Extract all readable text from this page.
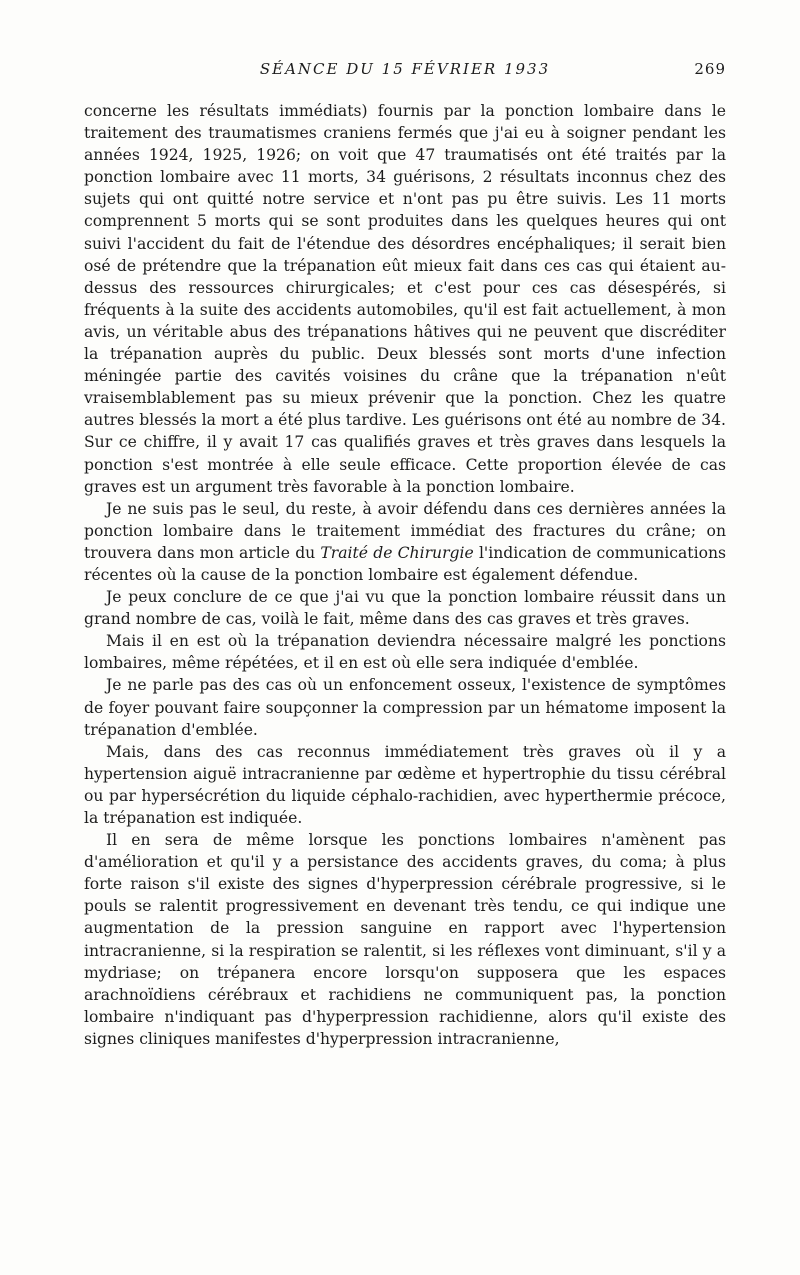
SÉANCE DU 15 FÉVRIER 1933	269

concerne les résultats immédiats) fournis par la ponction lombaire dans le traitement des traumatismes craniens fermés que j'ai eu à soigner pendant les années 1924, 1925, 1926; on voit que 47 traumatisés ont été traités par la ponction lombaire avec 11 morts, 34 guérisons, 2 résultats inconnus chez des sujets qui ont quitté notre service et n'ont pas pu être suivis. Les 11 morts comprennent 5 morts qui se sont produites dans les quelques heures qui ont suivi l'accident du fait de l'étendue des désordres encéphaliques; il serait bien osé de prétendre que la trépanation eût mieux fait dans ces cas qui étaient au-dessus des ressources chirurgicales; et c'est pour ces cas désespérés, si fréquents à la suite des accidents automobiles, qu'il est fait actuellement, à mon avis, un véritable abus des trépanations hâtives qui ne peuvent que discréditer la trépanation auprès du public. Deux blessés sont morts d'une infection méningée partie des cavités voisines du crâne que la trépanation n'eût vraisemblablement pas su mieux prévenir que la ponction. Chez les quatre autres blessés la mort a été plus tardive. Les guérisons ont été au nombre de 34. Sur ce chiffre, il y avait 17 cas qualifiés graves et très graves dans lesquels la ponction s'est montrée à elle seule efficace. Cette proportion élevée de cas graves est un argument très favorable à la ponction lombaire.

Je ne suis pas le seul, du reste, à avoir défendu dans ces dernières années la ponction lombaire dans le traitement immédiat des fractures du crâne; on trouvera dans mon article du Traité de Chirurgie l'indication de communications récentes où la cause de la ponction lombaire est également défendue.

Je peux conclure de ce que j'ai vu que la ponction lombaire réussit dans un grand nombre de cas, voilà le fait, même dans des cas graves et très graves.

Mais il en est où la trépanation deviendra nécessaire malgré les ponctions lombaires, même répétées, et il en est où elle sera indiquée d'emblée.

Je ne parle pas des cas où un enfoncement osseux, l'existence de symptômes de foyer pouvant faire soupçonner la compression par un hématome imposent la trépanation d'emblée.

Mais, dans des cas reconnus immédiatement très graves où il y a hypertension aiguë intracranienne par œdème et hypertrophie du tissu cérébral ou par hypersécrétion du liquide céphalo-rachidien, avec hyperthermie précoce, la trépanation est indiquée.

Il en sera de même lorsque les ponctions lombaires n'amènent pas d'amélioration et qu'il y a persistance des accidents graves, du coma; à plus forte raison s'il existe des signes d'hyperpression cérébrale progressive, si le pouls se ralentit progressivement en devenant très tendu, ce qui indique une augmentation de la pression sanguine en rapport avec l'hypertension intracranienne, si la respiration se ralentit, si les réflexes vont diminuant, s'il y a mydriase; on trépanera encore lorsqu'on supposera que les espaces arachnoïdiens cérébraux et rachidiens ne communiquent pas, la ponction lombaire n'indiquant pas d'hyperpression rachidienne, alors qu'il existe des signes cliniques manifestes d'hyperpression intracranienne,
